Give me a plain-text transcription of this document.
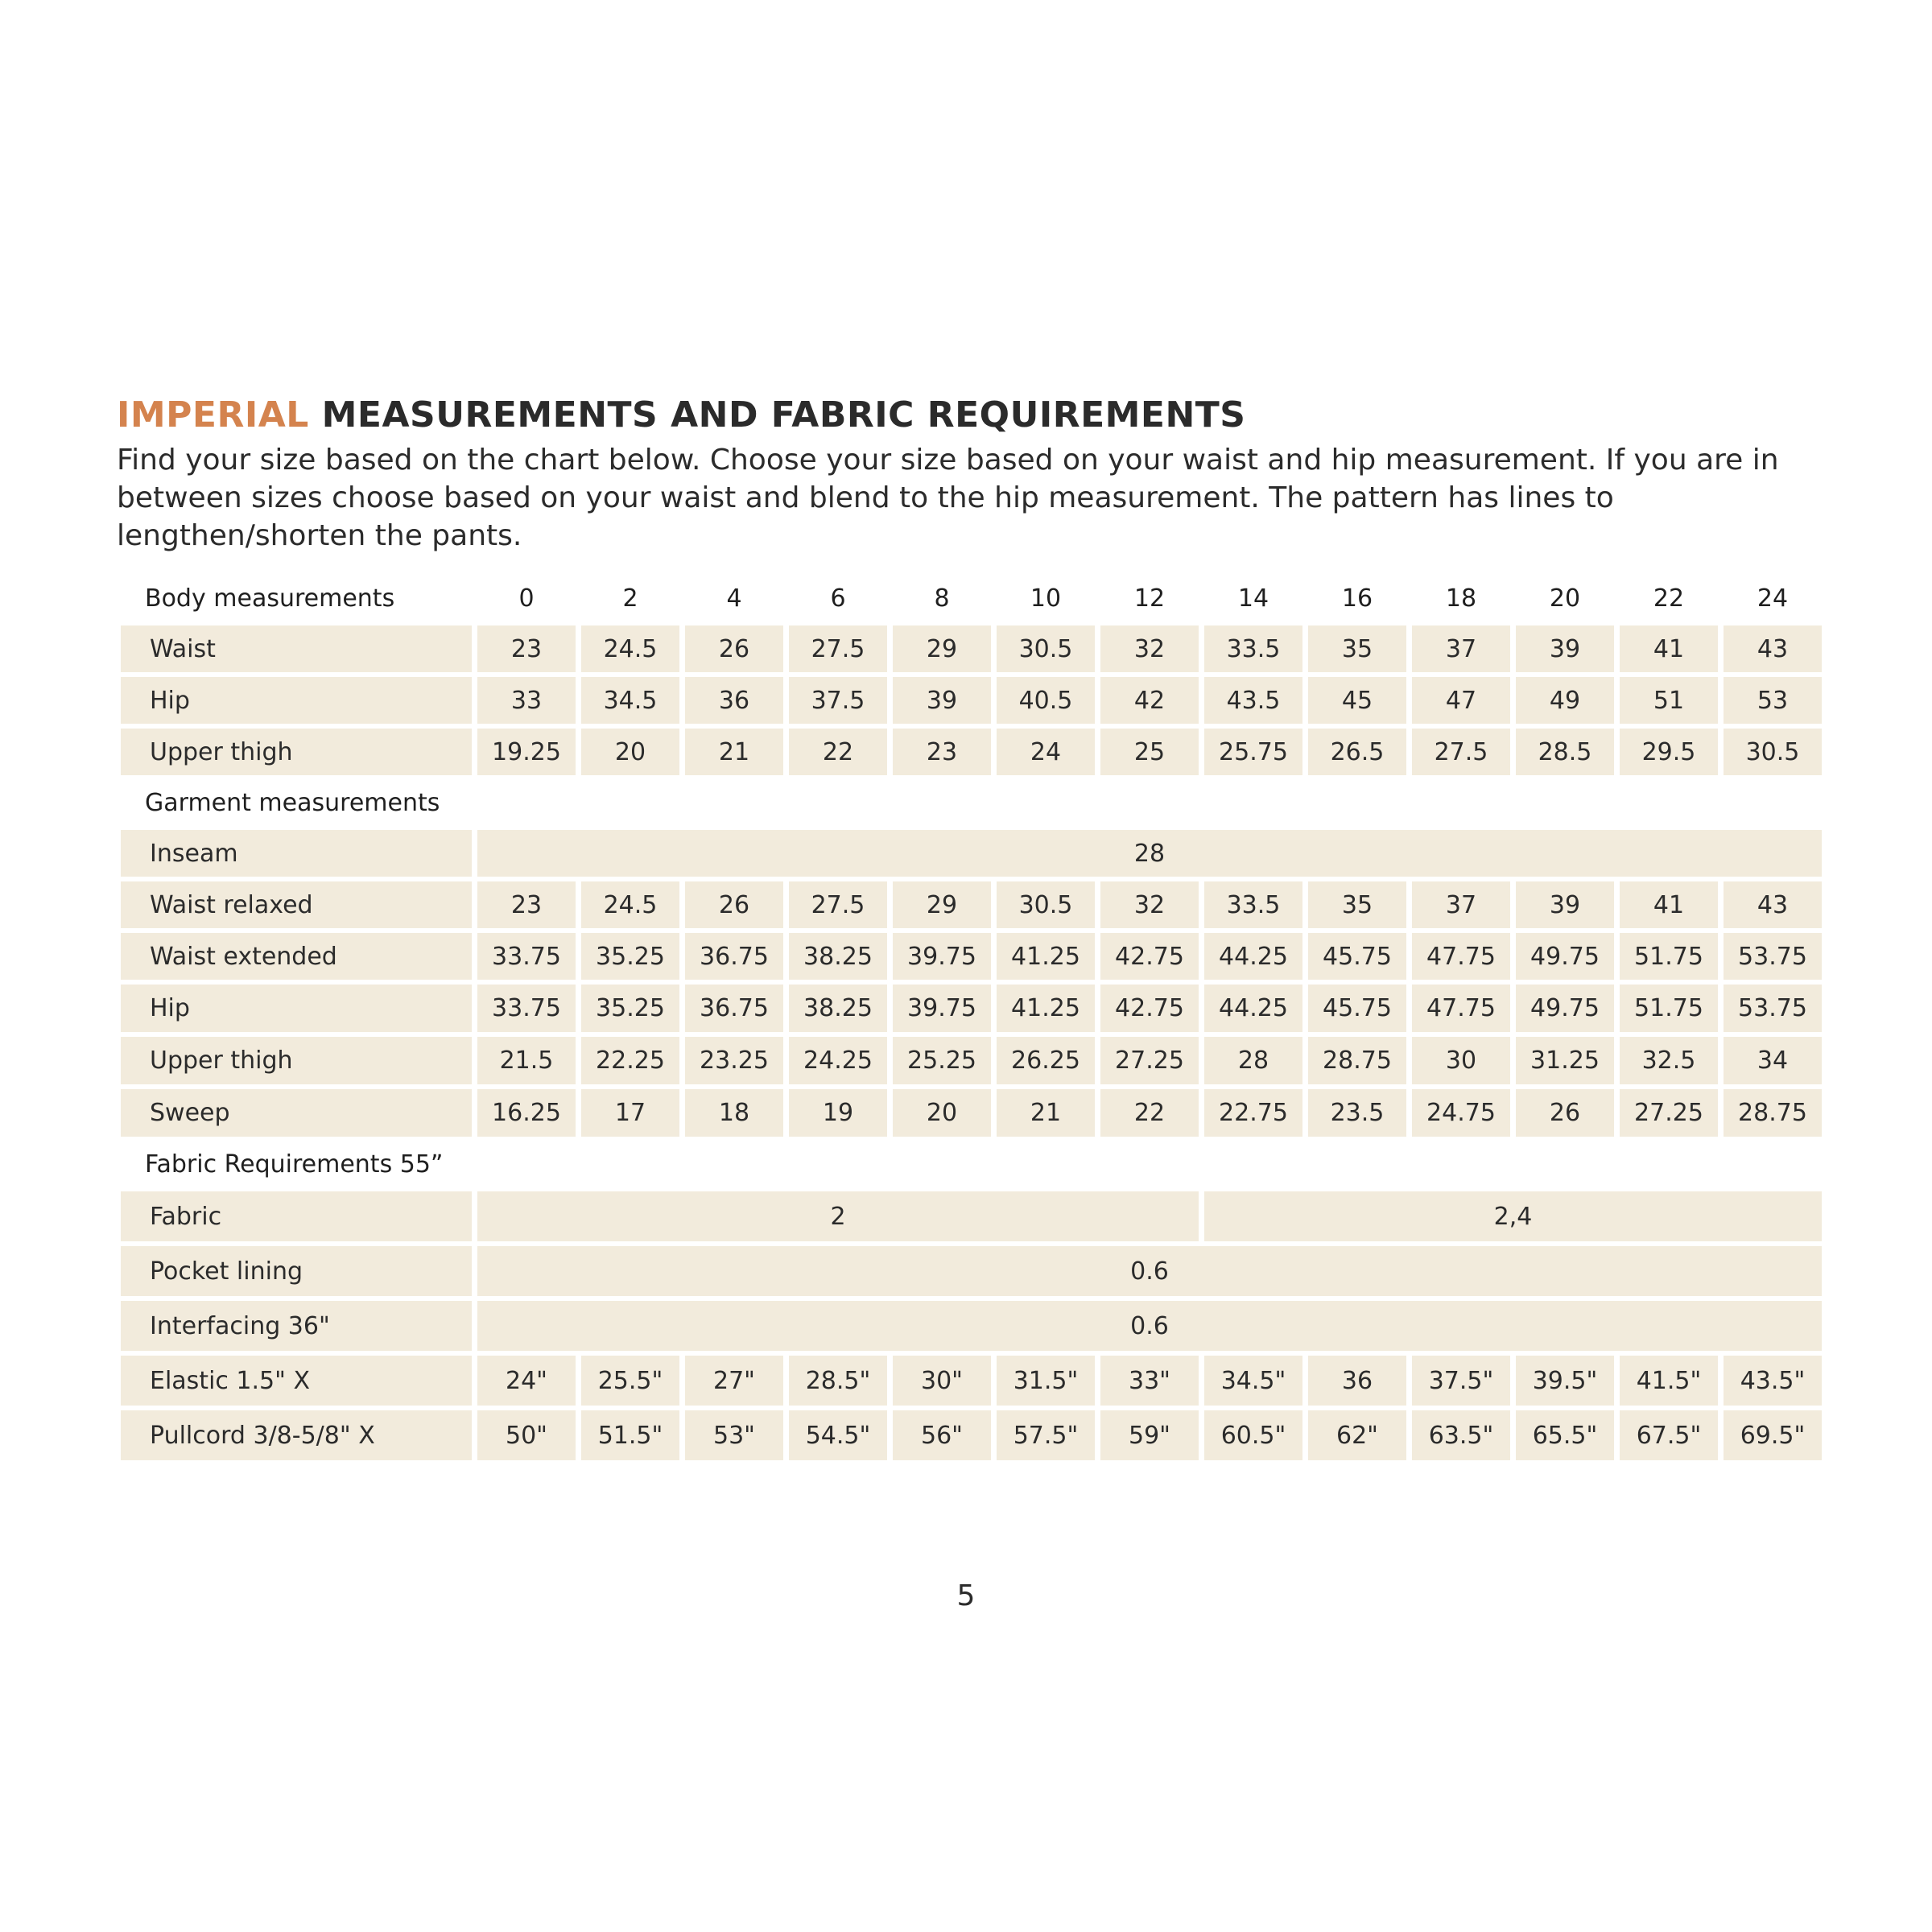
IMPERIAL MEASUREMENTS AND FABRIC REQUIREMENTS

Find your size based on the chart below. Choose your size based on your waist and hip measurement. If you are in between sizes choose based on your waist and blend to the hip measurement. The pattern has lines to lengthen/shorten the pants.

Body measurements	0	2	4	6	8	10	12	14	16	18	20	22	24
Waist	23	24.5	26	27.5	29	30.5	32	33.5	35	37	39	41	43
Hip	33	34.5	36	37.5	39	40.5	42	43.5	45	47	49	51	53
Upper thigh	19.25	20	21	22	23	24	25	25.75	26.5	27.5	28.5	29.5	30.5
Garment measurements
Inseam	28
Waist relaxed	23	24.5	26	27.5	29	30.5	32	33.5	35	37	39	41	43
Waist extended	33.75	35.25	36.75	38.25	39.75	41.25	42.75	44.25	45.75	47.75	49.75	51.75	53.75
Hip	33.75	35.25	36.75	38.25	39.75	41.25	42.75	44.25	45.75	47.75	49.75	51.75	53.75
Upper thigh	21.5	22.25	23.25	24.25	25.25	26.25	27.25	28	28.75	30	31.25	32.5	34
Sweep	16.25	17	18	19	20	21	22	22.75	23.5	24.75	26	27.25	28.75
Fabric Requirements 55”
Fabric	2	2,4
Pocket lining	0.6
Interfacing 36"	0.6
Elastic 1.5" X	24"	25.5"	27"	28.5"	30"	31.5"	33"	34.5"	36	37.5"	39.5"	41.5"	43.5"
Pullcord 3/8-5/8" X	50"	51.5"	53"	54.5"	56"	57.5"	59"	60.5"	62"	63.5"	65.5"	67.5"	69.5"
5
